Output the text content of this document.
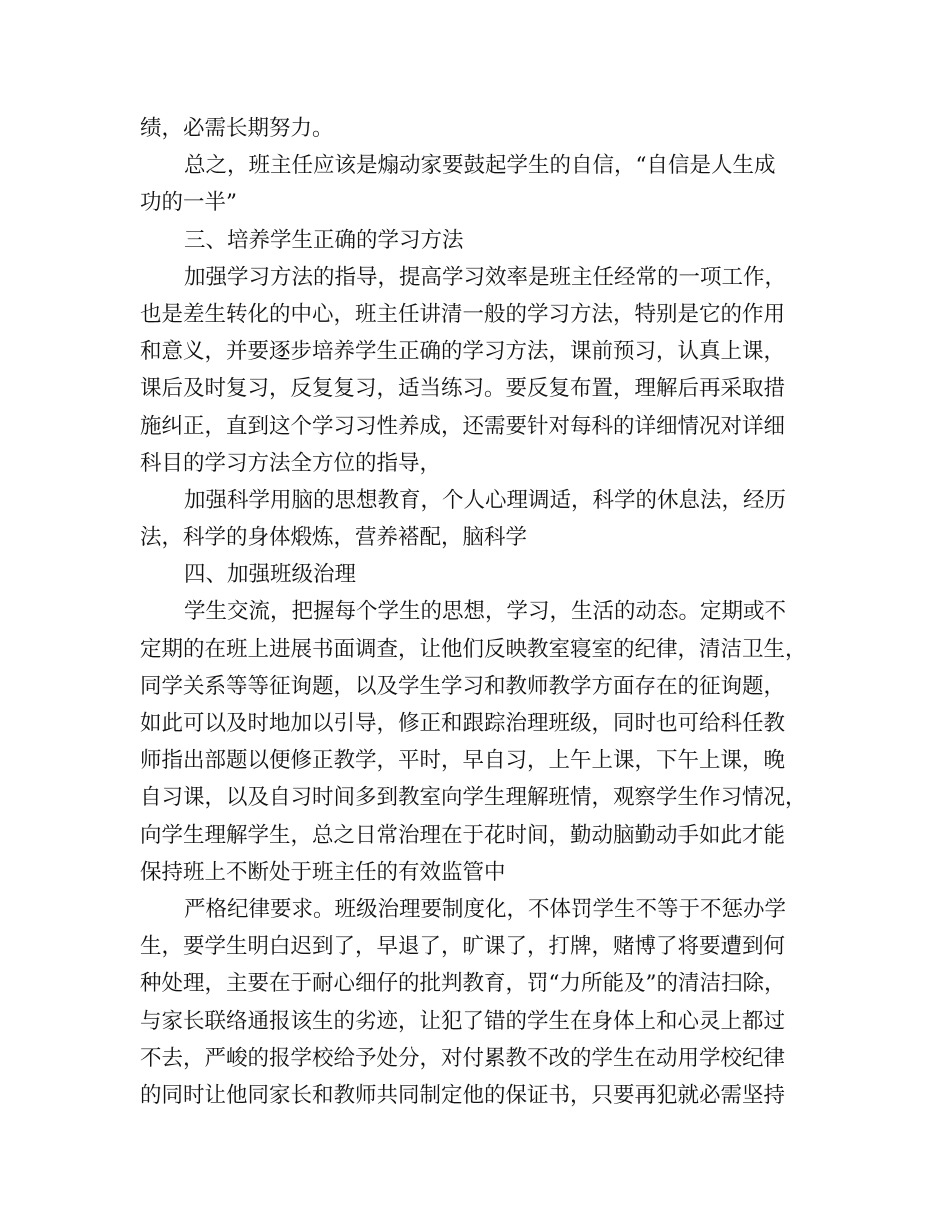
绩，必需长期努力。
总之，班主任应该是煽动家要鼓起学生的自信，“自信是人生成
功的一半”
三、培养学生正确的学习方法
加强学习方法的指导，提高学习效率是班主任经常的一项工作，
也是差生转化的中心，班主任讲清一般的学习方法，特别是它的作用
和意义，并要逐步培养学生正确的学习方法，课前预习，认真上课，
课后及时复习，反复复习，适当练习。要反复布置，理解后再采取措
施纠正，直到这个学习习性养成，还需要针对每科的详细情况对详细
科目的学习方法全方位的指导，
加强科学用脑的思想教育，个人心理调适，科学的休息法，经历
法，科学的身体煅炼，营养褡配，脑科学
四、加强班级治理
学生交流，把握每个学生的思想，学习，生活的动态。定期或不
定期的在班上进展书面调查，让他们反映教室寝室的纪律，清洁卫生，
同学关系等等征询题，以及学生学习和教师教学方面存在的征询题，
如此可以及时地加以引导，修正和跟踪治理班级，同时也可给科任教
师指出部题以便修正教学，平时，早自习，上午上课，下午上课，晚
自习课，以及自习时间多到教室向学生理解班情，观察学生作习情况，
向学生理解学生，总之日常治理在于花时间，勤动脑勤动手如此才能
保持班上不断处于班主任的有效监管中
严格纪律要求。班级治理要制度化，不体罚学生不等于不惩办学
生，要学生明白迟到了，早退了，旷课了，打牌，赌博了将要遭到何
种处理，主要在于耐心细仔的批判教育，罚“力所能及”的清洁扫除，
与家长联络通报该生的劣迹，让犯了错的学生在身体上和心灵上都过
不去，严峻的报学校给予处分，对付累教不改的学生在动用学校纪律
的同时让他同家长和教师共同制定他的保证书，只要再犯就必需坚持
